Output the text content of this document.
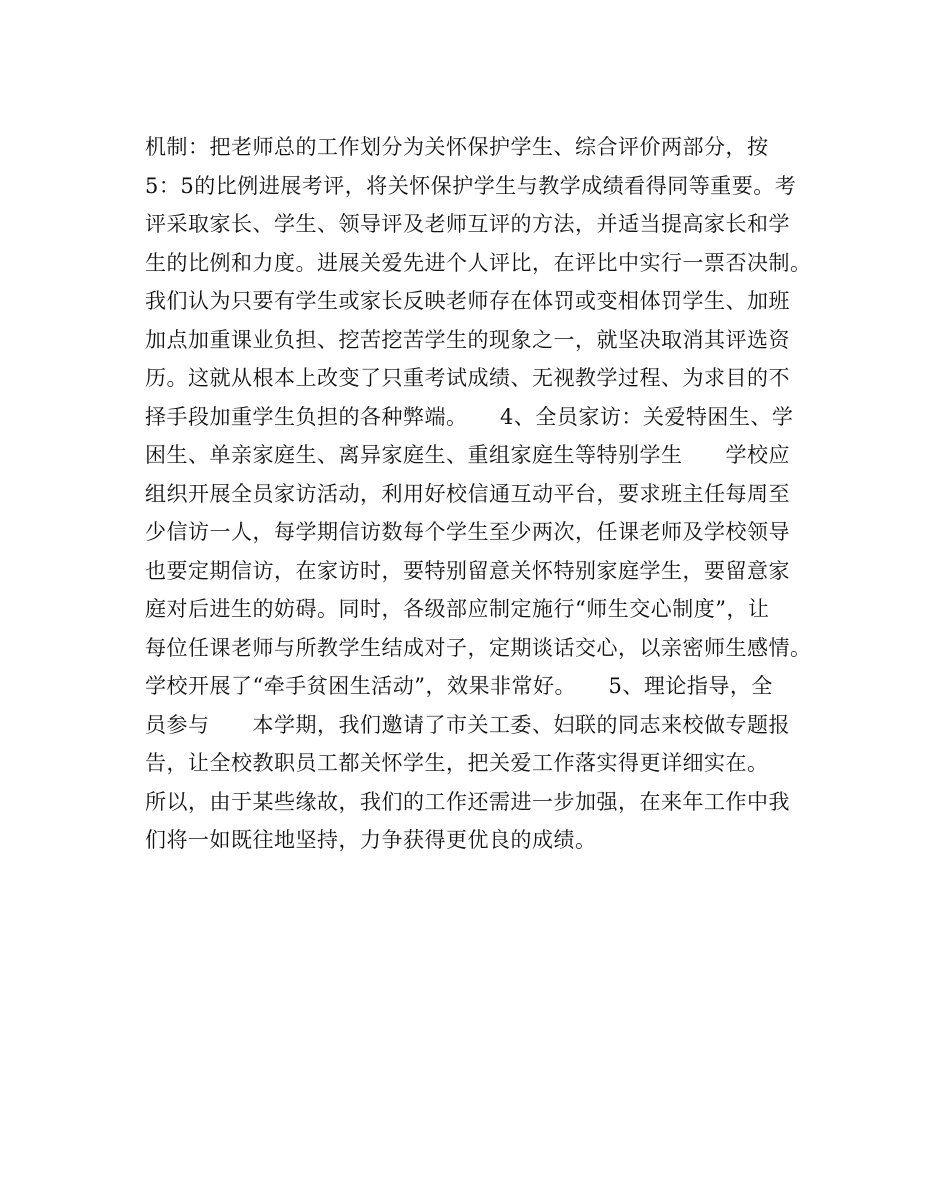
机制：把老师总的工作划分为关怀保护学生、综合评价两部分，按
5：5的比例进展考评，将关怀保护学生与教学成绩看得同等重要。考
评采取家长、学生、领导评及老师互评的方法，并适当提高家长和学
生的比例和力度。进展关爱先进个人评比，在评比中实行一票否决制。
我们认为只要有学生或家长反映老师存在体罚或变相体罚学生、加班
加点加重课业负担、挖苦挖苦学生的现象之一，就坚决取消其评选资
历。这就从根本上改变了只重考试成绩、无视教学过程、为求目的不
择手段加重学生负担的各种弊端。　　4、全员家访：关爱特困生、学
困生、单亲家庭生、离异家庭生、重组家庭生等特别学生　　学校应
组织开展全员家访活动，利用好校信通互动平台，要求班主任每周至
少信访一人，每学期信访数每个学生至少两次，任课老师及学校领导
也要定期信访，在家访时，要特别留意关怀特别家庭学生，要留意家
庭对后进生的妨碍。同时，各级部应制定施行“师生交心制度”，让
每位任课老师与所教学生结成对子，定期谈话交心，以亲密师生感情。
学校开展了“牵手贫困生活动”，效果非常好。　　5、理论指导，全
员参与　　本学期，我们邀请了市关工委、妇联的同志来校做专题报
告，让全校教职员工都关怀学生，把关爱工作落实得更详细实在。
所以，由于某些缘故，我们的工作还需进一步加强，在来年工作中我
们将一如既往地坚持，力争获得更优良的成绩。
